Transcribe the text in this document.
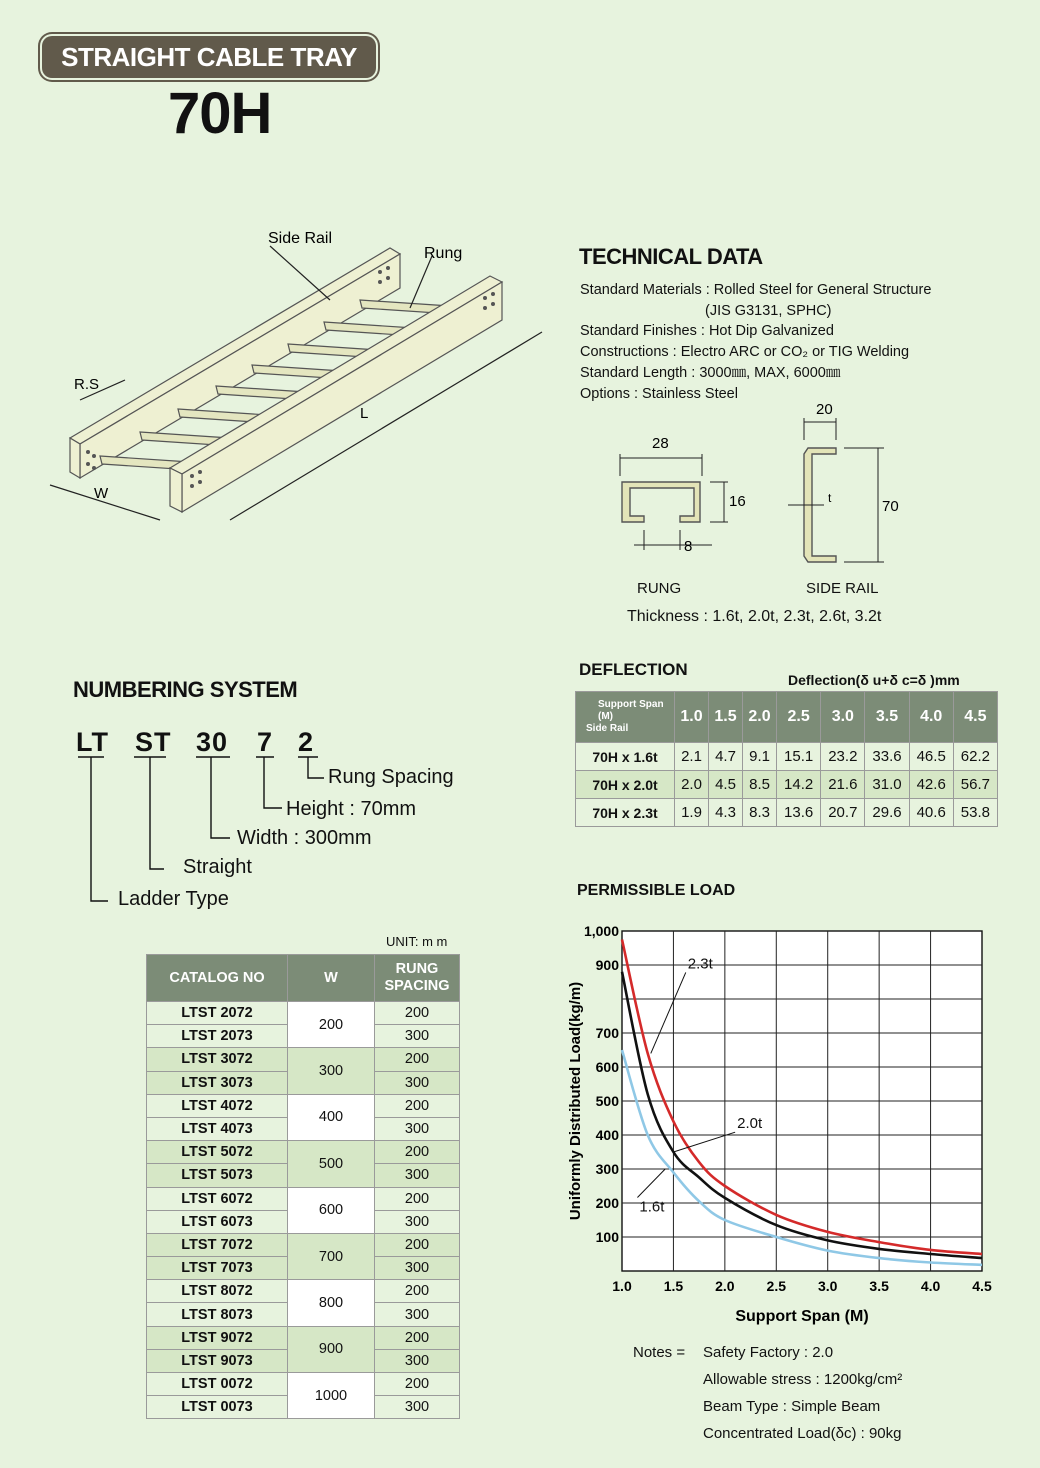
STRAIGHT CABLE TRAY
70H
Side Rail
Rung
R.S
L
W
TECHNICAL DATA
Standard Materials : Rolled Steel for General Structure
(JIS G3131, SPHC)
Standard Finishes : Hot Dip Galvanized
Constructions : Electro ARC or CO₂ or TIG Welding
Standard Length : 3000㎜, MAX, 6000㎜
Options : Stainless Steel
28
16
8
20
70
t
RUNG	SIDE RAIL
Thickness : 1.6t, 2.0t, 2.3t, 2.6t, 3.2t
NUMBERING SYSTEM
LT ST 30 7 2
Rung Spacing
Height : 70mm
Width : 300mm
Straight
Ladder Type
DEFLECTION
Deflection(δ u+δ c=δ )mm
Support Span (M)
Side Rail	1.0	1.5	2.0	2.5	3.0	3.5	4.0	4.5
70H x 1.6t	2.1	4.7	9.1	15.1	23.2	33.6	46.5	62.2
70H x 2.0t	2.0	4.5	8.5	14.2	21.6	31.0	42.6	56.7
70H x 2.3t	1.9	4.3	8.3	13.6	20.7	29.6	40.6	53.8
UNIT: m m
CATALOG NO	W	RUNG SPACING
LTST 2072	200	200
LTST 2073		300
LTST 3072	300	200
LTST 3073		300
LTST 4072	400	200
LTST 4073		300
LTST 5072	500	200
LTST 5073		300
LTST 6072	600	200
LTST 6073		300
LTST 7072	700	200
LTST 7073		300
LTST 8072	800	200
LTST 8073		300
LTST 9072	900	200
LTST 9073		300
LTST 0072	1000	200
LTST 0073		300
PERMISSIBLE LOAD
100
200
300
400
500
600
700
900
1,000
1.0 1.5 2.0 2.5 3.0 3.5 4.0 4.5
Support Span (M)
Uniformly Distributed Load(kg/m)
2.3t
2.0t
1.6t
Notes = Safety Factory : 2.0
Allowable stress : 1200kg/cm²
Beam Type : Simple Beam
Concentrated Load(δc) : 90kg
